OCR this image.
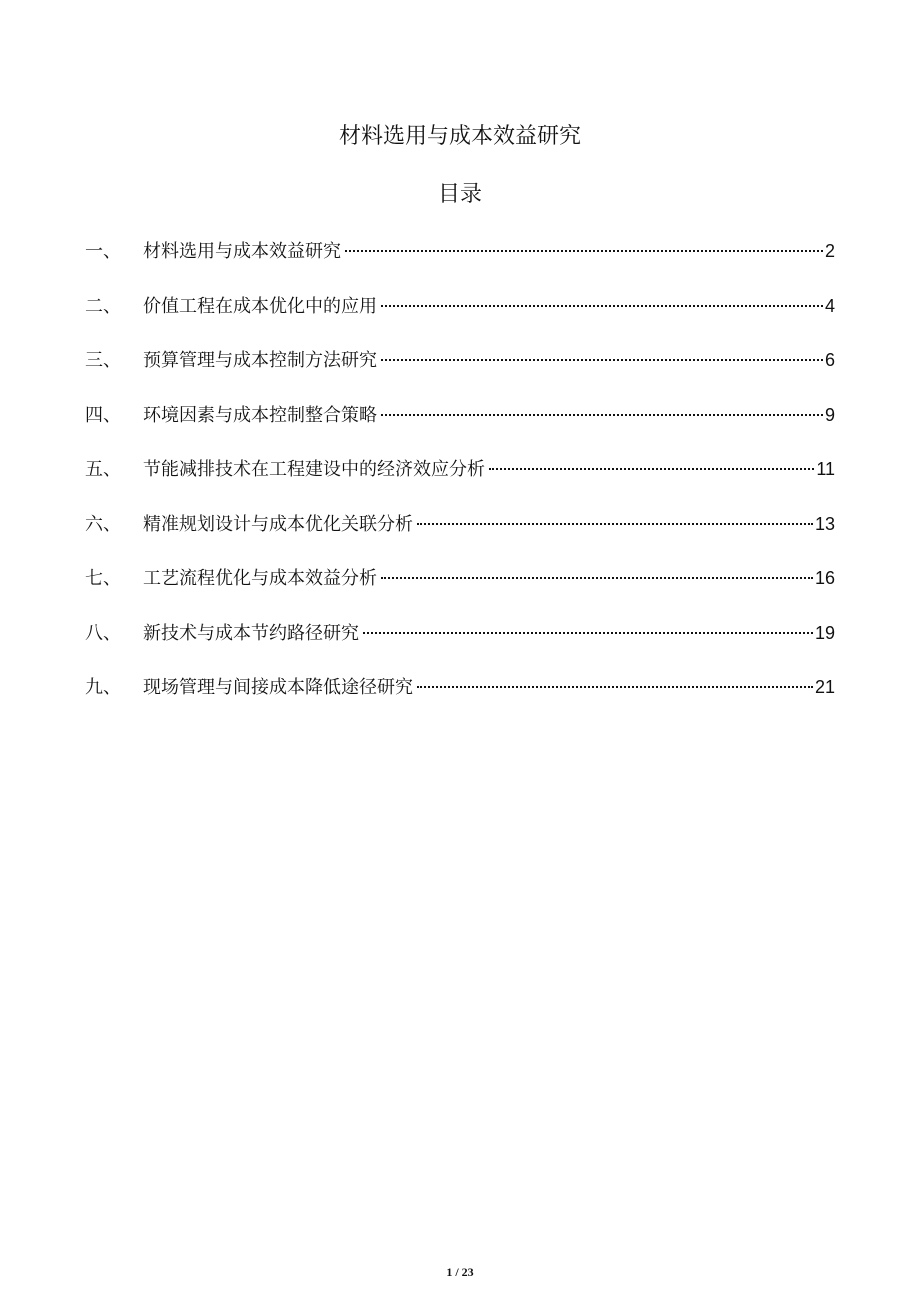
材料选用与成本效益研究
目录
一、	材料选用与成本效益研究	2
二、	价值工程在成本优化中的应用	4
三、	预算管理与成本控制方法研究	6
四、	环境因素与成本控制整合策略	9
五、	节能减排技术在工程建设中的经济效应分析	11
六、	精准规划设计与成本优化关联分析	13
七、	工艺流程优化与成本效益分析	16
八、	新技术与成本节约路径研究	19
九、	现场管理与间接成本降低途径研究	21
1 / 23
